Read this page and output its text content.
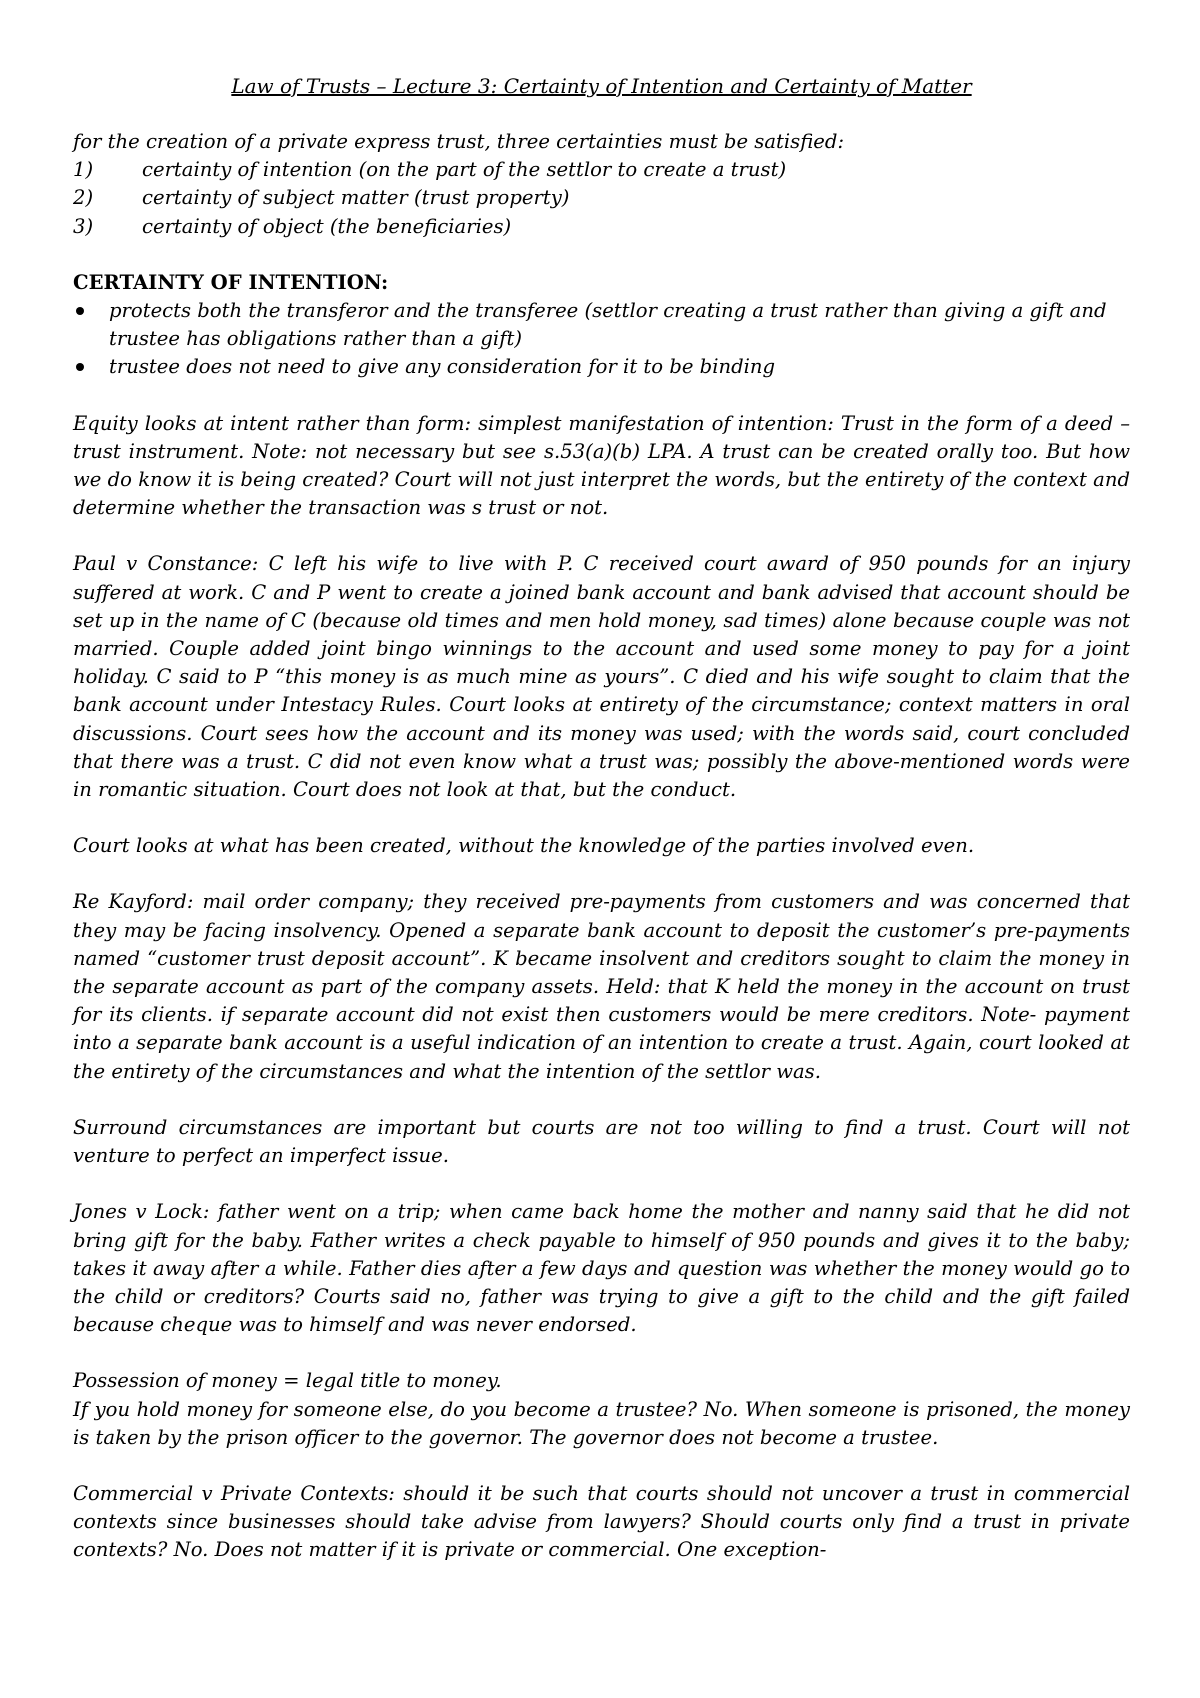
Law of Trusts – Lecture 3: Certainty of Intention and Certainty of Matter

for the creation of a private express trust, three certainties must be satisfied:

1)	certainty of intention (on the part of the settlor to create a trust)
2)	certainty of subject matter (trust property)
3)	certainty of object (the beneficiaries)
CERTAINTY OF INTENTION:
protects both the transferor and the transferee (settlor creating a trust rather than giving a gift and trustee has obligations rather than a gift)
trustee does not need to give any consideration for it to be binding

Equity looks at intent rather than form: simplest manifestation of intention: Trust in the form of a deed – trust instrument. Note: not necessary but see s.53(a)(b) LPA. A trust can be created orally too. But how we do know it is being created? Court will not just interpret the words, but the entirety of the context and determine whether the transaction was s trust or not.

Paul v Constance: C left his wife to live with P. C received court award of 950 pounds for an injury suffered at work. C and P went to create a joined bank account and bank advised that account should be set up in the name of C (because old times and men hold money, sad times) alone because couple was not married. Couple added joint bingo winnings to the account and used some money to pay for a joint holiday. C said to P “this money is as much mine as yours”. C died and his wife sought to claim that the bank account under Intestacy Rules. Court looks at entirety of the circumstance; context matters in oral discussions. Court sees how the account and its money was used; with the words said, court concluded that there was a trust. C did not even know what a trust was; possibly the above-mentioned words were in romantic situation. Court does not look at that, but the conduct.

Court looks at what has been created, without the knowledge of the parties involved even.

Re Kayford: mail order company; they received pre-payments from customers and was concerned that they may be facing insolvency. Opened a separate bank account to deposit the customer’s pre-payments named “customer trust deposit account”. K became insolvent and creditors sought to claim the money in the separate account as part of the company assets. Held: that K held the money in the account on trust for its clients. if separate account did not exist then customers would be mere creditors. Note- payment into a separate bank account is a useful indication of an intention to create a trust. Again, court looked at the entirety of the circumstances and what the intention of the settlor was.

Surround circumstances are important but courts are not too willing to find a trust. Court will not venture to perfect an imperfect issue.

Jones v Lock: father went on a trip; when came back home the mother and nanny said that he did not bring gift for the baby. Father writes a check payable to himself of 950 pounds and gives it to the baby; takes it away after a while. Father dies after a few days and question was whether the money would go to the child or creditors? Courts said no, father was trying to give a gift to the child and the gift failed because cheque was to himself and was never endorsed.

Possession of money = legal title to money.

If you hold money for someone else, do you become a trustee? No. When someone is prisoned, the money is taken by the prison officer to the governor. The governor does not become a trustee.

Commercial v Private Contexts: should it be such that courts should not uncover a trust in commercial contexts since businesses should take advise from lawyers? Should courts only find a trust in private contexts? No. Does not matter if it is private or commercial. One exception-
